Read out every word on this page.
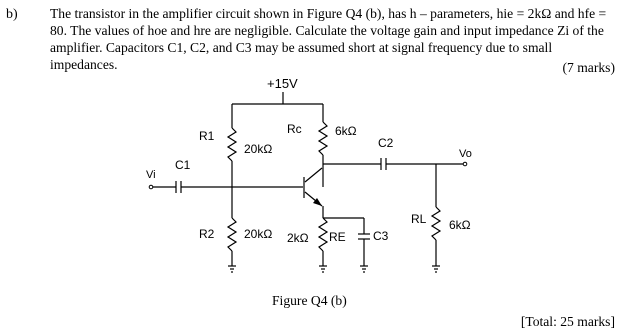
b) The transistor in the amplifier circuit shown in Figure Q4 (b), has h – parameters, hie = 2kΩ and hfe = 80. The values of hoe and hre are negligible. Calculate the voltage gain and input impedance Zi of the amplifier. Capacitors C1, C2, and C3 may be assumed short at signal frequency due to small impedances.	(7 marks)
+15V
R1
20kΩ
R2 20kΩ
Rc	6kΩ
2kΩ RE
RL 6kΩ
C1
C2
C3
Vi
Vo
Figure Q4 (b)
[Total: 25 marks]
